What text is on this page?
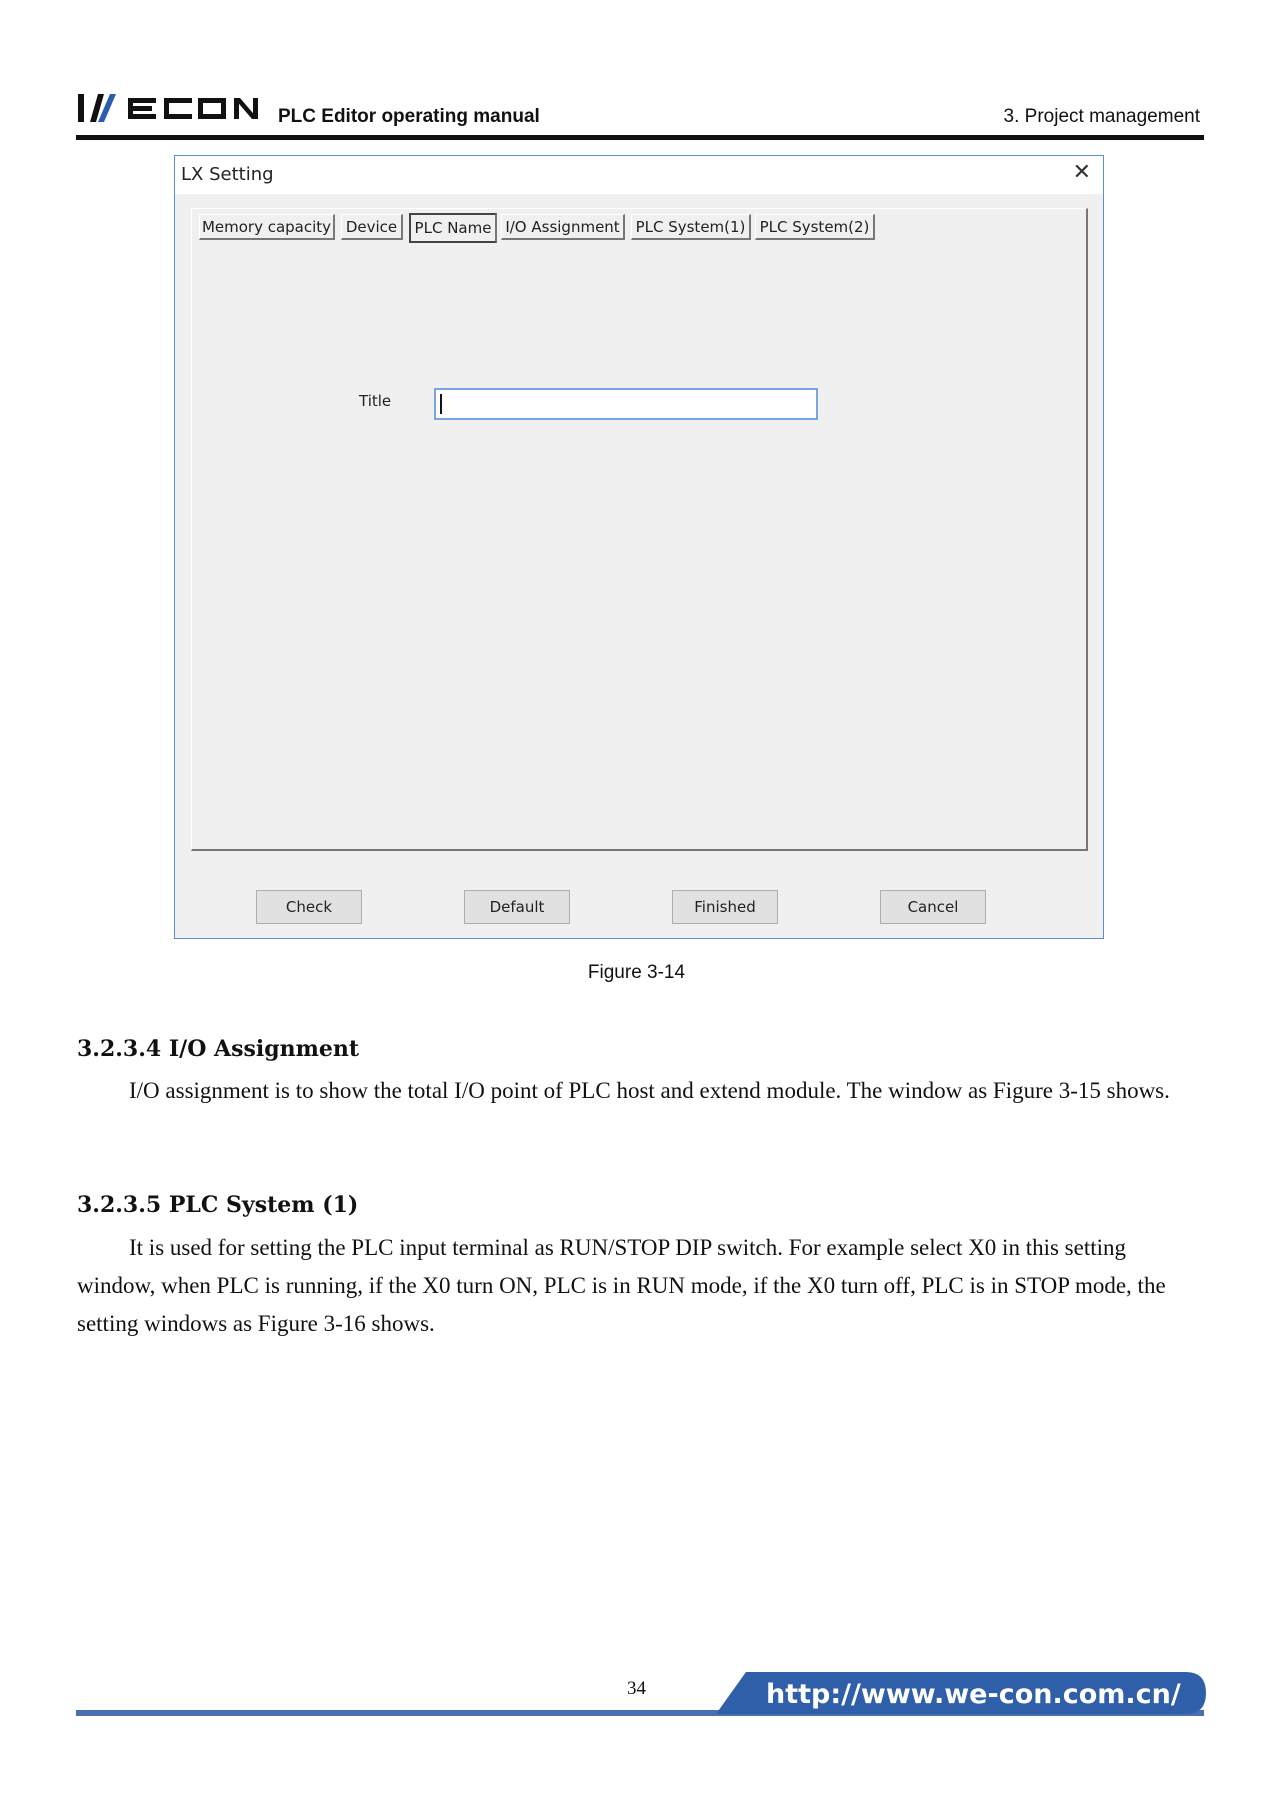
PLC Editor operating manual	3. Project management
LX Setting	✕
Memory capacity Device	PLC Name I/O Assignment	PLC System(1) PLC System(2)
Title
Check	Default	Finished	Cancel
Figure 3-14
3.2.3.4 I/O Assignment
I/O assignment is to show the total I/O point of PLC host and extend module. The window as Figure 3-15 shows.
3.2.3.5 PLC System (1)
It is used for setting the PLC input terminal as RUN/STOP DIP switch. For example select X0 in this setting window, when PLC is running, if the X0 turn ON, PLC is in RUN mode, if the X0 turn off, PLC is in STOP mode, the setting windows as Figure 3-16 shows.
34	http://www.we-con.com.cn/
